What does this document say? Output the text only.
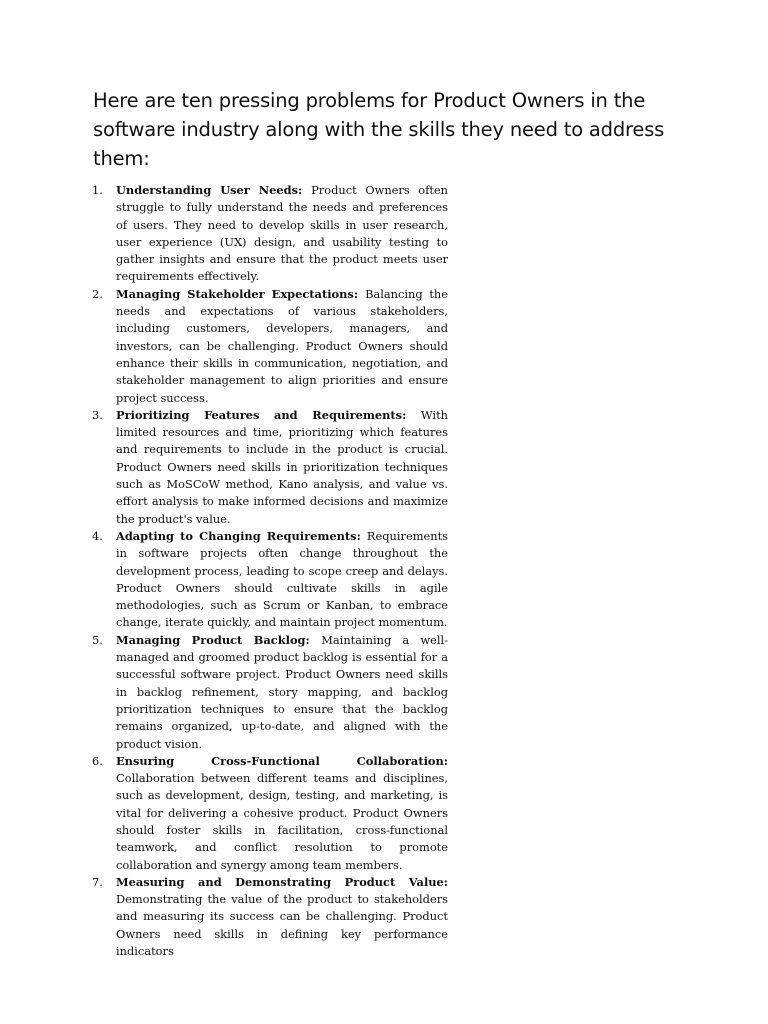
Here are ten pressing problems for Product Owners in the software industry along with the skills they need to address them:
1. Understanding User Needs: Product Owners often struggle to fully understand the needs and preferences of users. They need to develop skills in user research, user experience (UX) design, and usability testing to gather insights and ensure that the product meets user requirements effectively.
2. Managing Stakeholder Expectations: Balancing the needs and expectations of various stakeholders, including customers, developers, managers, and investors, can be challenging. Product Owners should enhance their skills in communication, negotiation, and stakeholder management to align priorities and ensure project success.
3. Prioritizing Features and Requirements: With limited resources and time, prioritizing which features and requirements to include in the product is crucial. Product Owners need skills in prioritization techniques such as MoSCoW method, Kano analysis, and value vs. effort analysis to make informed decisions and maximize the product's value.
4. Adapting to Changing Requirements: Requirements in software projects often change throughout the development process, leading to scope creep and delays. Product Owners should cultivate skills in agile methodologies, such as Scrum or Kanban, to embrace change, iterate quickly, and maintain project momentum.
5. Managing Product Backlog: Maintaining a well-managed and groomed product backlog is essential for a successful software project. Product Owners need skills in backlog refinement, story mapping, and backlog prioritization techniques to ensure that the backlog remains organized, up-to-date, and aligned with the product vision.
6. Ensuring Cross-Functional Collaboration: Collaboration between different teams and disciplines, such as development, design, testing, and marketing, is vital for delivering a cohesive product. Product Owners should foster skills in facilitation, cross-functional teamwork, and conflict resolution to promote collaboration and synergy among team members.
7. Measuring and Demonstrating Product Value: Demonstrating the value of the product to stakeholders and measuring its success can be challenging. Product Owners need skills in defining key performance indicators
